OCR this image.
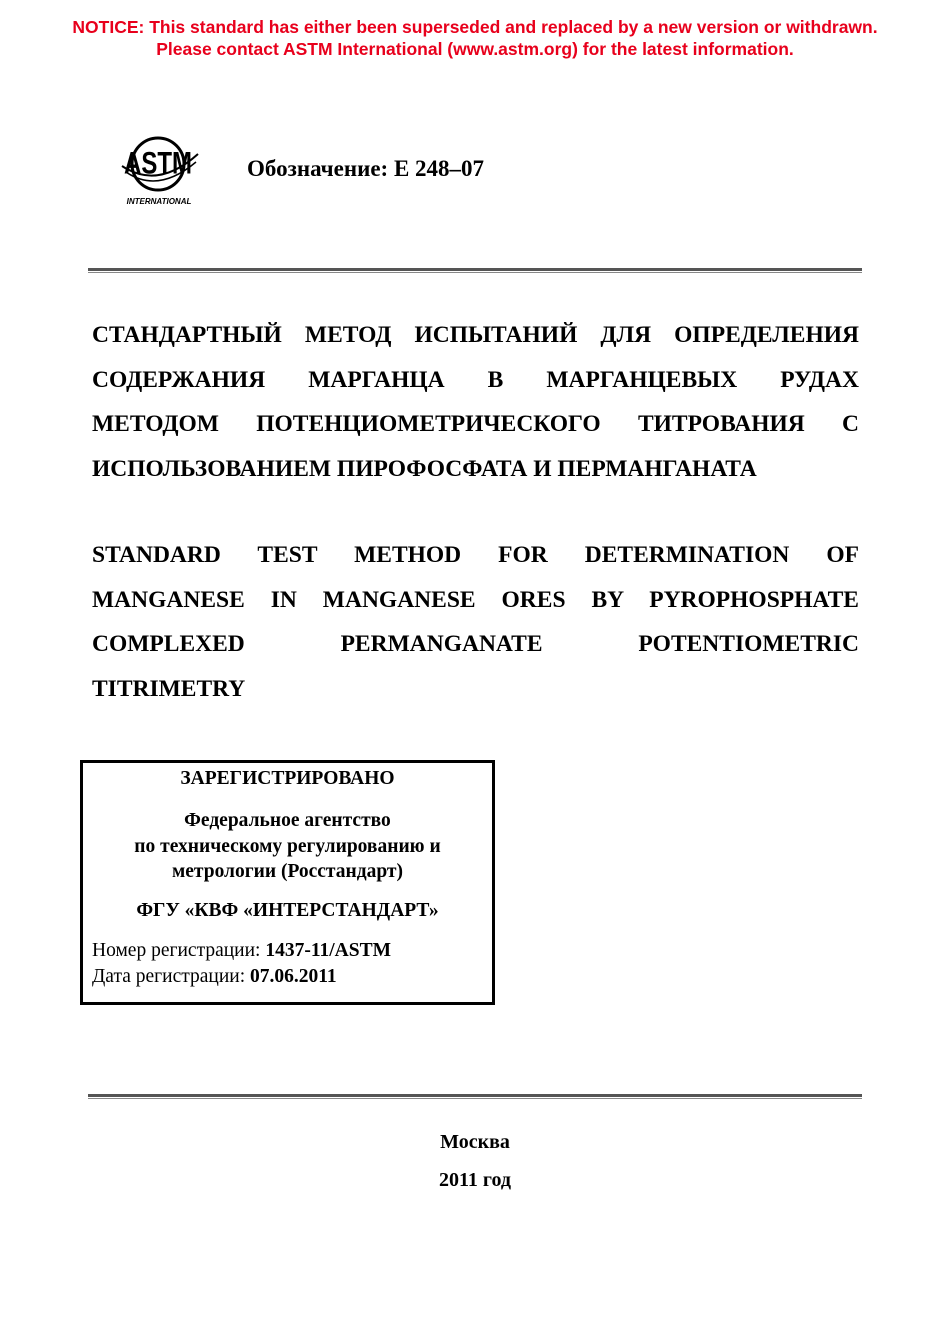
NOTICE: This standard has either been superseded and replaced by a new version or withdrawn.
Please contact ASTM International (www.astm.org) for the latest information.
ASTM
INTERNATIONAL
Обозначение: E 248–07
СТАНДАРТНЫЙ МЕТОД ИСПЫТАНИЙ ДЛЯ ОПРЕДЕЛЕНИЯ
СОДЕРЖАНИЯ МАРГАНЦА В МАРГАНЦЕВЫХ РУДАХ
МЕТОДОМ ПОТЕНЦИОМЕТРИЧЕСКОГО ТИТРОВАНИЯ С
ИСПОЛЬЗОВАНИЕМ ПИРОФОСФАТА И ПЕРМАНГАНАТА
STANDARD TEST METHOD FOR DETERMINATION OF
MANGANESE IN MANGANESE ORES BY PYROPHOSPHATE
COMPLEXED PERMANGANATE POTENTIOMETRIC
TITRIMETRY
ЗАРЕГИСТРИРОВАНО
Федеральное агентство
по техническому регулированию и
метрологии (Росстандарт)
ФГУ «КВФ «ИНТЕРСТАНДАРТ»
Номер регистрации: 1437-11/ASTM
Дата регистрации: 07.06.2011
Москва
2011 год
